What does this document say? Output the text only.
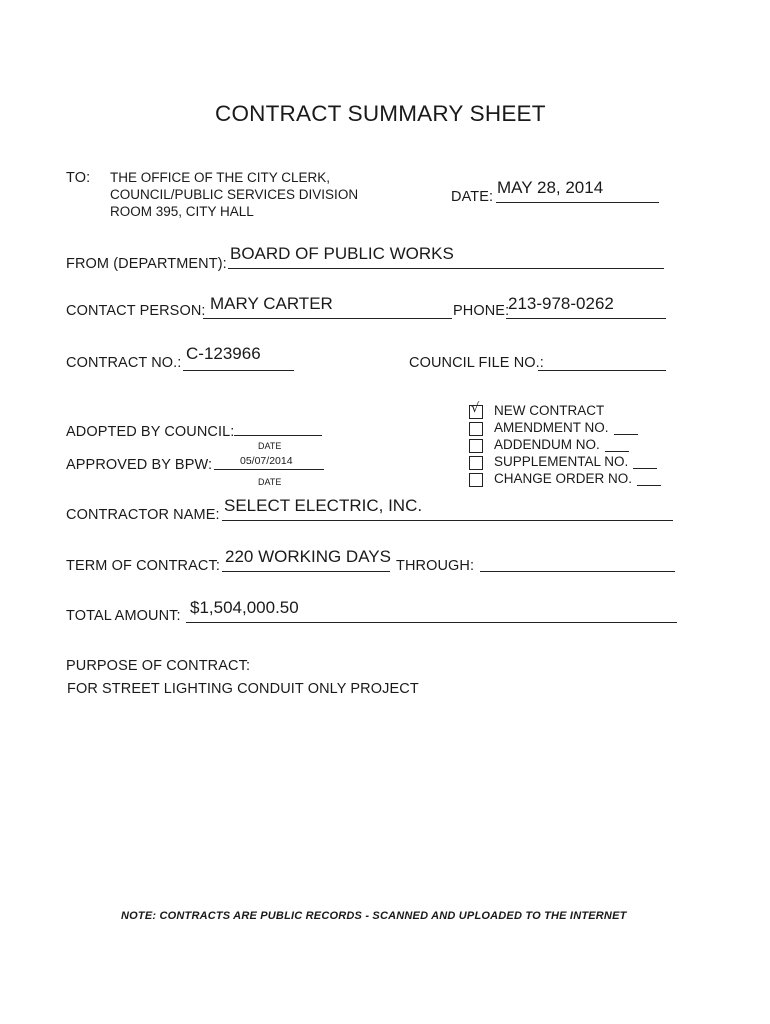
CONTRACT SUMMARY SHEET
TO: THE OFFICE OF THE CITY CLERK,
COUNCIL/PUBLIC SERVICES DIVISION
ROOM 395, CITY HALL
DATE: MAY 28, 2014
FROM (DEPARTMENT):
BOARD OF PUBLIC WORKS
CONTACT PERSON: MARY CARTER	PHONE:
213-978-0262
CONTRACT NO.: C-123966	COUNCIL FILE NO.:
ADOPTED BY COUNCIL:
DATE
APPROVED BY BPW:	05/07/2014
DATE
√ NEW CONTRACT
AMENDMENT NO.
ADDENDUM NO.
SUPPLEMENTAL NO.
CHANGE ORDER NO.
CONTRACTOR NAME: SELECT ELECTRIC, INC.
TERM OF CONTRACT: 220 WORKING DAYS THROUGH:
TOTAL AMOUNT: $1,504,000.50
PURPOSE OF CONTRACT:
FOR STREET LIGHTING CONDUIT ONLY PROJECT
NOTE: CONTRACTS ARE PUBLIC RECORDS - SCANNED AND UPLOADED TO THE INTERNET
